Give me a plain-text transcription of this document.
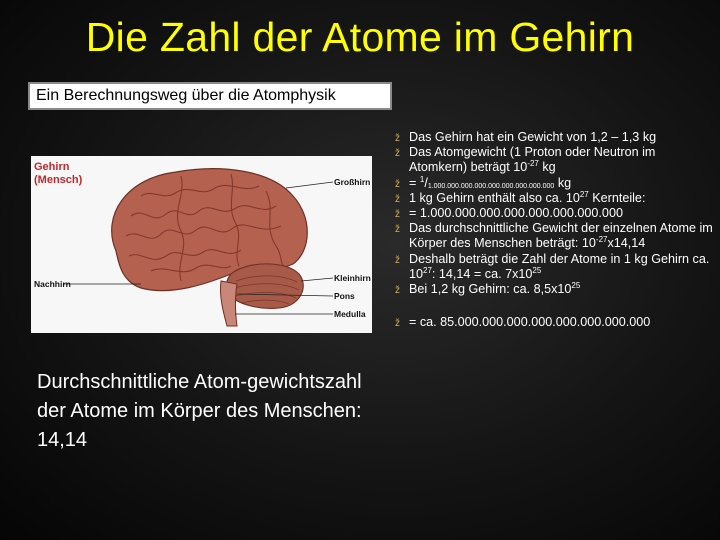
Die Zahl der Atome im Gehirn
Ein Berechnungsweg über die Atomphysik
Gehirn
(Mensch)	Großhirn
Kleinhirn
Pons
Medulla
Nachhirn
Durchschnittliche Atom-gewichtszahl der Atome im Körper des Menschen: 14,14
ž Das Gehirn hat ein Gewicht von 1,2 – 1,3 kg
ž Das Atomgewicht (1 Proton oder Neutron im Atomkern) beträgt $10^{-27}$ kg
ž = $^1/_{1.000.000.000.000.000.000.000.000.000}$ kg
ž 1 kg Gehirn enthält also ca. $10^{27}$ Kernteile:
ž = 1.000.000.000.000.000.000.000.000
ž Das durchschnittliche Gewicht der einzelnen Atome im Körper des Menschen beträgt: $10^{-27}x14,14$
ž Deshalb beträgt die Zahl der Atome in 1 kg Gehirn ca. $10^{27}$: 14,14 = ca. $7x10^{25}$
ž Bei 1,2 kg Gehirn: ca. $8,5x10^{25}$
ž = ca. 85.000.000.000.000.000.000.000.000
